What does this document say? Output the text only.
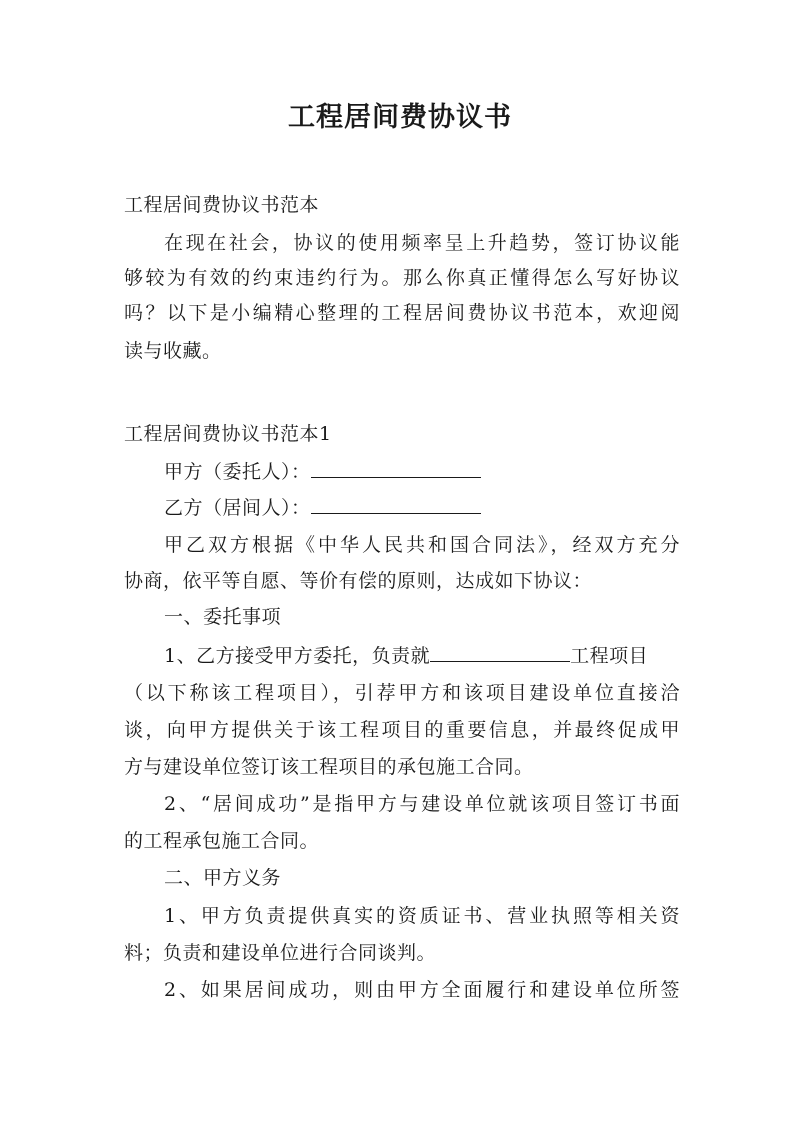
工程居间费协议书
工程居间费协议书范本
在现在社会，协议的使用频率呈上升趋势，签订协议能
够较为有效的约束违约行为。那么你真正懂得怎么写好协议
吗？以下是小编精心整理的工程居间费协议书范本，欢迎阅
读与收藏。
工程居间费协议书范本1
甲方（委托人）：
乙方（居间人）：
甲乙双方根据《中华人民共和国合同法》，经双方充分
协商，依平等自愿、等价有偿的原则，达成如下协议：
一、委托事项
1、乙方接受甲方委托，负责就	工程项目
（以下称该工程项目），引荐甲方和该项目建设单位直接洽
谈，向甲方提供关于该工程项目的重要信息，并最终促成甲
方与建设单位签订该工程项目的承包施工合同。
2、“居间成功”是指甲方与建设单位就该项目签订书面
的工程承包施工合同。
二、甲方义务
1、甲方负责提供真实的资质证书、营业执照等相关资
料；负责和建设单位进行合同谈判。
2、如果居间成功，则由甲方全面履行和建设单位所签
